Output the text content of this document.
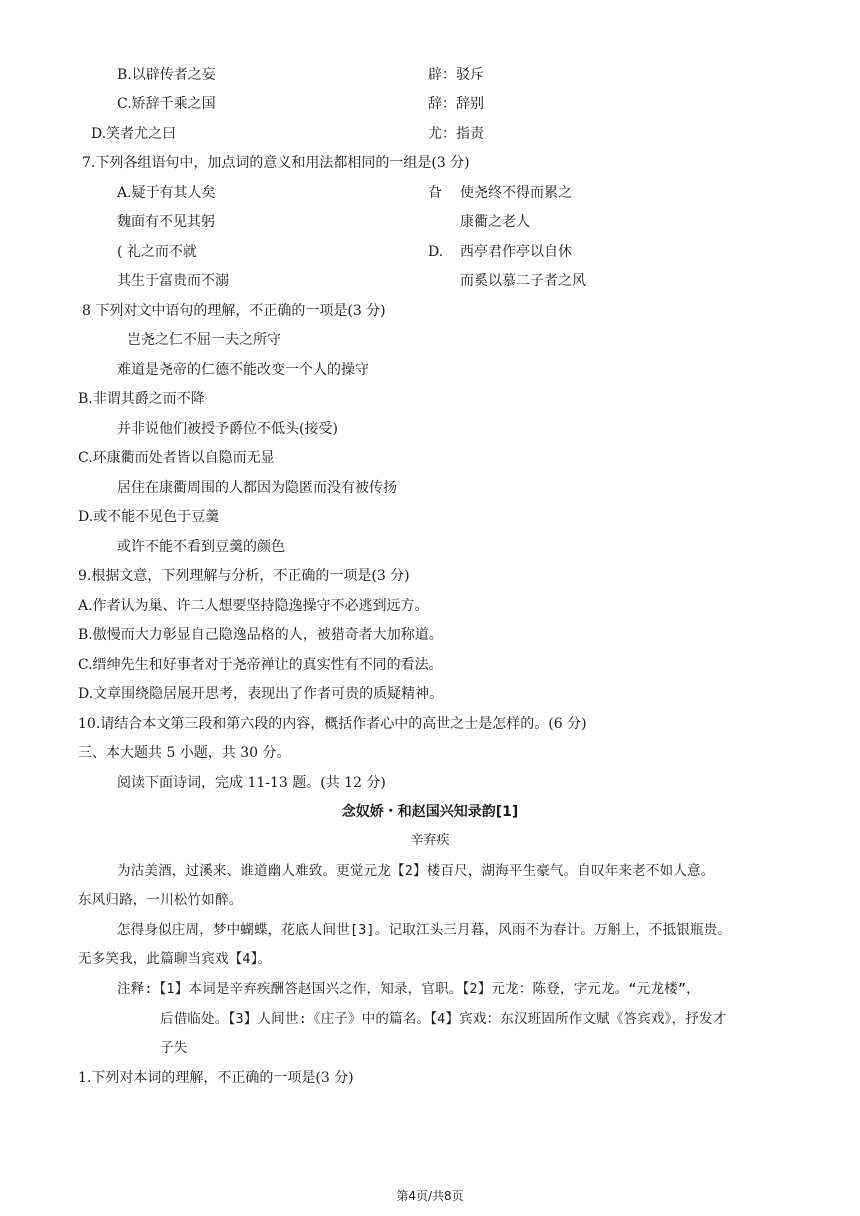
B.以辟传者之妄	辟：驳斥
C.矫辞千乘之国	辞：辞别
D.笑者尤之曰	尤：指责
7.下列各组语句中，加点词的意义和用法都相同的一组是(3 分)
A.疑于有其人矣	旮 使尧终不得而累之
魏面有不见其躬	康衢之老人
( 礼之而不就	D. 西亭君作亭以自休
其生于富贵而不溺	而奚以慕二子者之风
8 下列对文中语句的理解，不正确的一项是(3 分)
岂尧之仁不屈一夫之所守
难道是尧帝的仁德不能改变一个人的操守
B.非谓其爵之而不降
并非说他们被授予爵位不低头(接受)
C.环康衢而处者皆以自隐而无显
居住在康衢周围的人都因为隐匿而没有被传扬
D.或不能不见色于豆羹
或许不能不看到豆羹的颜色
9.根据文意，下列理解与分析，不正确的一项是(3 分)
A.作者认为巢、许二人想要坚持隐逸操守不必逃到远方。
B.傲慢而大力彰显自己隐逸品格的人，被猎奇者大加称道。
C.缙绅先生和好事者对于尧帝禅让的真实性有不同的看法。
D.文章围绕隐居展开思考，表现出了作者可贵的质疑精神。
10.请结合本文第三段和第六段的内容，概括作者心中的高世之士是怎样的。(6 分)
三、本大题共 5 小题，共 30 分。
阅读下面诗词，完成 11-13 题。(共 12 分)
念奴娇・和赵国兴知录韵[1]
辛弃疾
为沽美酒，过溪来、谁道幽人难致。更觉元龙【2】楼百尺，湖海平生豪气。自叹年来老不如人意。
东风归路，一川松竹如醉。
怎得身似庄周，梦中蝴蝶，花底人间世[3]。记取江头三月暮，风雨不为春计。万斛上，不抵银瓶贵。
无多笑我，此篇聊当宾戏【4】。
注释:【1】本词是辛弃疾酬答赵国兴之作，知录，官职。【2】元龙：陈登，字元龙。“元龙楼”，
后借临处。【3】人间世:《庄子》中的篇名。【4】宾戏：东汉班固所作文赋《答宾戏》，抒发才
子失
1.下列对本词的理解，不正确的一项是(3 分)
第4页/共8页
